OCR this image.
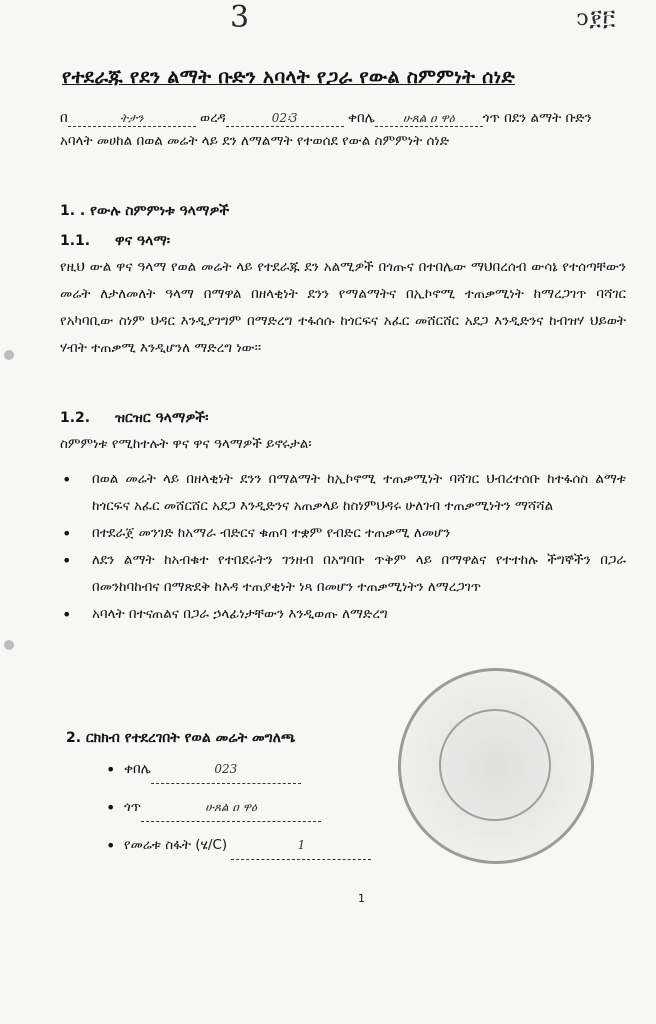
3	ͻ፻፫
የተደራጁ የደን ልማት ቡድን አባላት የጋራ የውል ስምምነት ሰነድ
በ	ትታን	ወረዳ	02፡3	ቀበሌ ሁጸል ዐ ዋዕ ጎጥ በደን ልማት ቡድን
አባላት መሀከል በወል መሬት ላይ ደን ለማልማት የተወሰደ የውል ስምምነት ሰነድ
1. . የውሉ ስምምነቱ ዓላማዎች
1.1. ዋና ዓላማ፡
የዚህ ውል ዋና ዓላማ የወል መሬት ላይ የተደራጁ ደን አልሚዎች በጎጡና በተበሌው ማህበረሰብ ውሳኔ የተሰጣቸውን መሬት ለታለመለት ዓላማ በማዋል በዘላቂነት ደንን የማልማትና በኢኮኖሚ ተጠቃሚነት ከማረጋገጥ ባሻገር የአካባቢው ስነም ህዳር እንዲያገግም በማድረግ ተፋሰሱ ከጎርፍና አፈር መሸርሸር አደጋ እንዲድንና ከብዝሃ ህይወት ሃብት ተጠቃሚ እንዲሆንለ ማድረግ ነው፡፡
1.2. ዝርዝር ዓላማዎች፡
ስምምነቱ የሚከተሉት ዋና ዋና ዓላማዎች ይኖሩታል፡
• በወል መሬት ላይ በዘላቂነት ደንን በማልማት ከኢኮኖሚ ተጠቃሚነት ባሻገር ህብረተሰቡ ከተፋሰስ ልማቱ ከጎርፍና አፈር መሸርሸር አደጋ እንዲድንና አጠቃላይ ከስነምህዳሩ ሁለገብ ተጠቃሚነትን ማሻሻል
• በተደራጀ መንገድ ከአማራ ብድርና ቁጠባ ተቋም የብድር ተጠቃሚ ለመሆን
• ለደን ልማት ከአብቁተ የተበደሩትን ገንዘብ በአግባቡ ጥቅም ላይ በማዋልና የተተከሉ ችግኞችን በጋራ በመንከባከብና በማጽደቅ ከእዳ ተጠያቂነት ነጻ በመሆን ተጠቃሚነትን ለማረጋገጥ
• አባላት በተናጠልና በጋራ ኃላፊነታቸውን እንዲወጡ ለማድረግ
2. ርክክብ የተደረገበት የወል መሬት መግለጫ
• ቀበሌ	023
• ጎጥ	ሁጸል ዐ ዋዕ
• የመሬቱ ስፋት (ሄ/C)	1
1
